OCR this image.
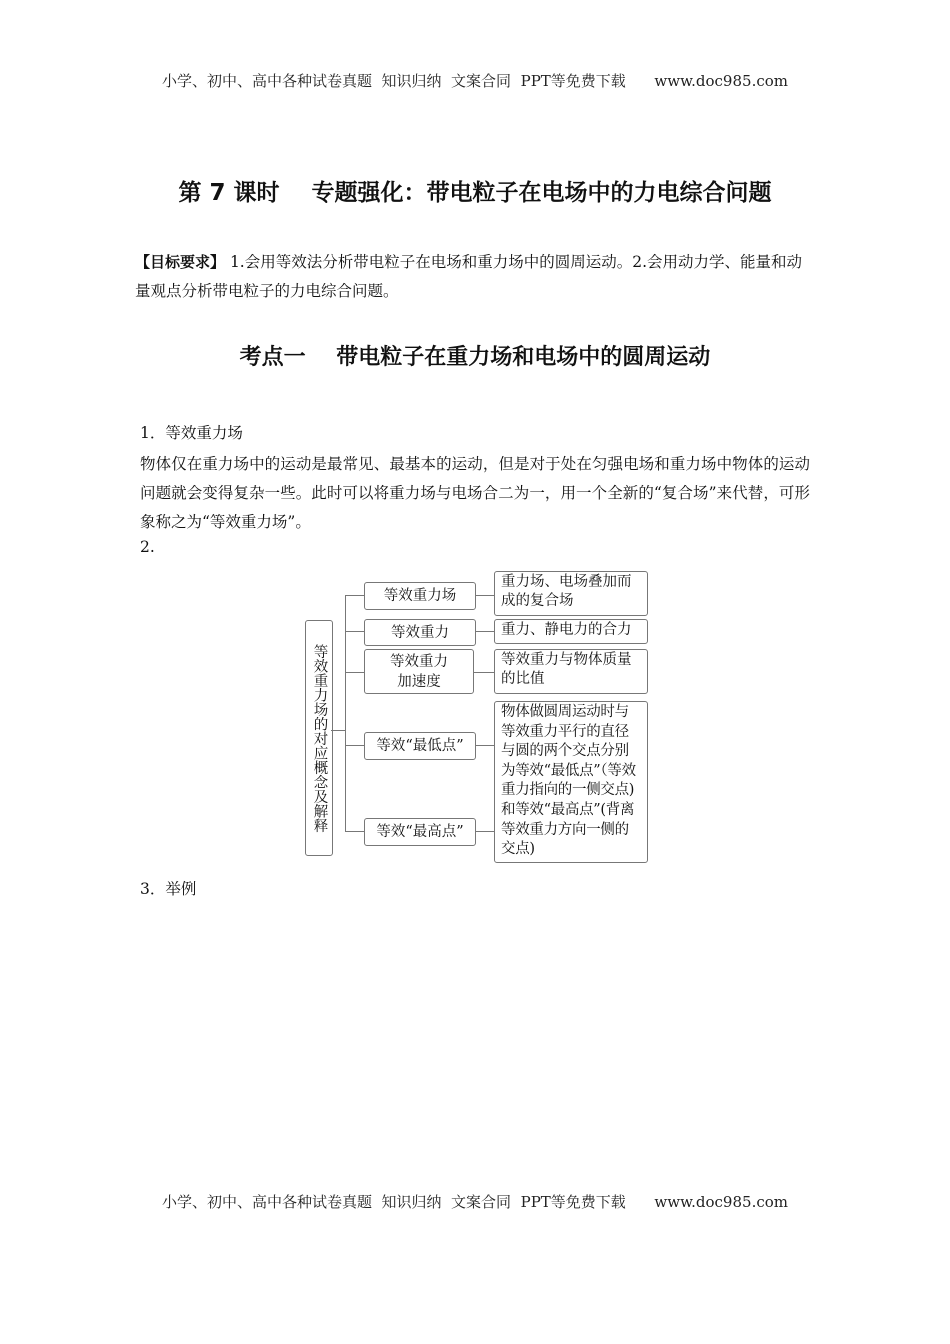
小学、初中、高中各种试卷真题  知识归纳  文案合同  PPT等免费下载      www.doc985.com
第 7 课时    专题强化：带电粒子在电场中的力电综合问题
【目标要求】 1.会用等效法分析带电粒子在电场和重力场中的圆周运动。2.会用动力学、能量和动量观点分析带电粒子的力电综合问题。
考点一    带电粒子在重力场和电场中的圆周运动
1．等效重力场
物体仅在重力场中的运动是最常见、最基本的运动，但是对于处在匀强电场和重力场中物体的运动问题就会变得复杂一些。此时可以将重力场与电场合二为一，用一个全新的“复合场”来代替，可形象称之为“等效重力场”。
2.
等效重力场的对应概念及解释
等效重力场
等效重力
等效重力加速度
等效“最低点”
等效“最高点”
重力场、电场叠加而成的复合场
重力、静电力的合力
等效重力与物体质量的比值
物体做圆周运动时与等效重力平行的直径与圆的两个交点分别为等效“最低点”（等效重力指向的一侧交点)和等效“最高点”(背离等效重力方向一侧的交点)
3．举例
小学、初中、高中各种试卷真题  知识归纳  文案合同  PPT等免费下载      www.doc985.com
